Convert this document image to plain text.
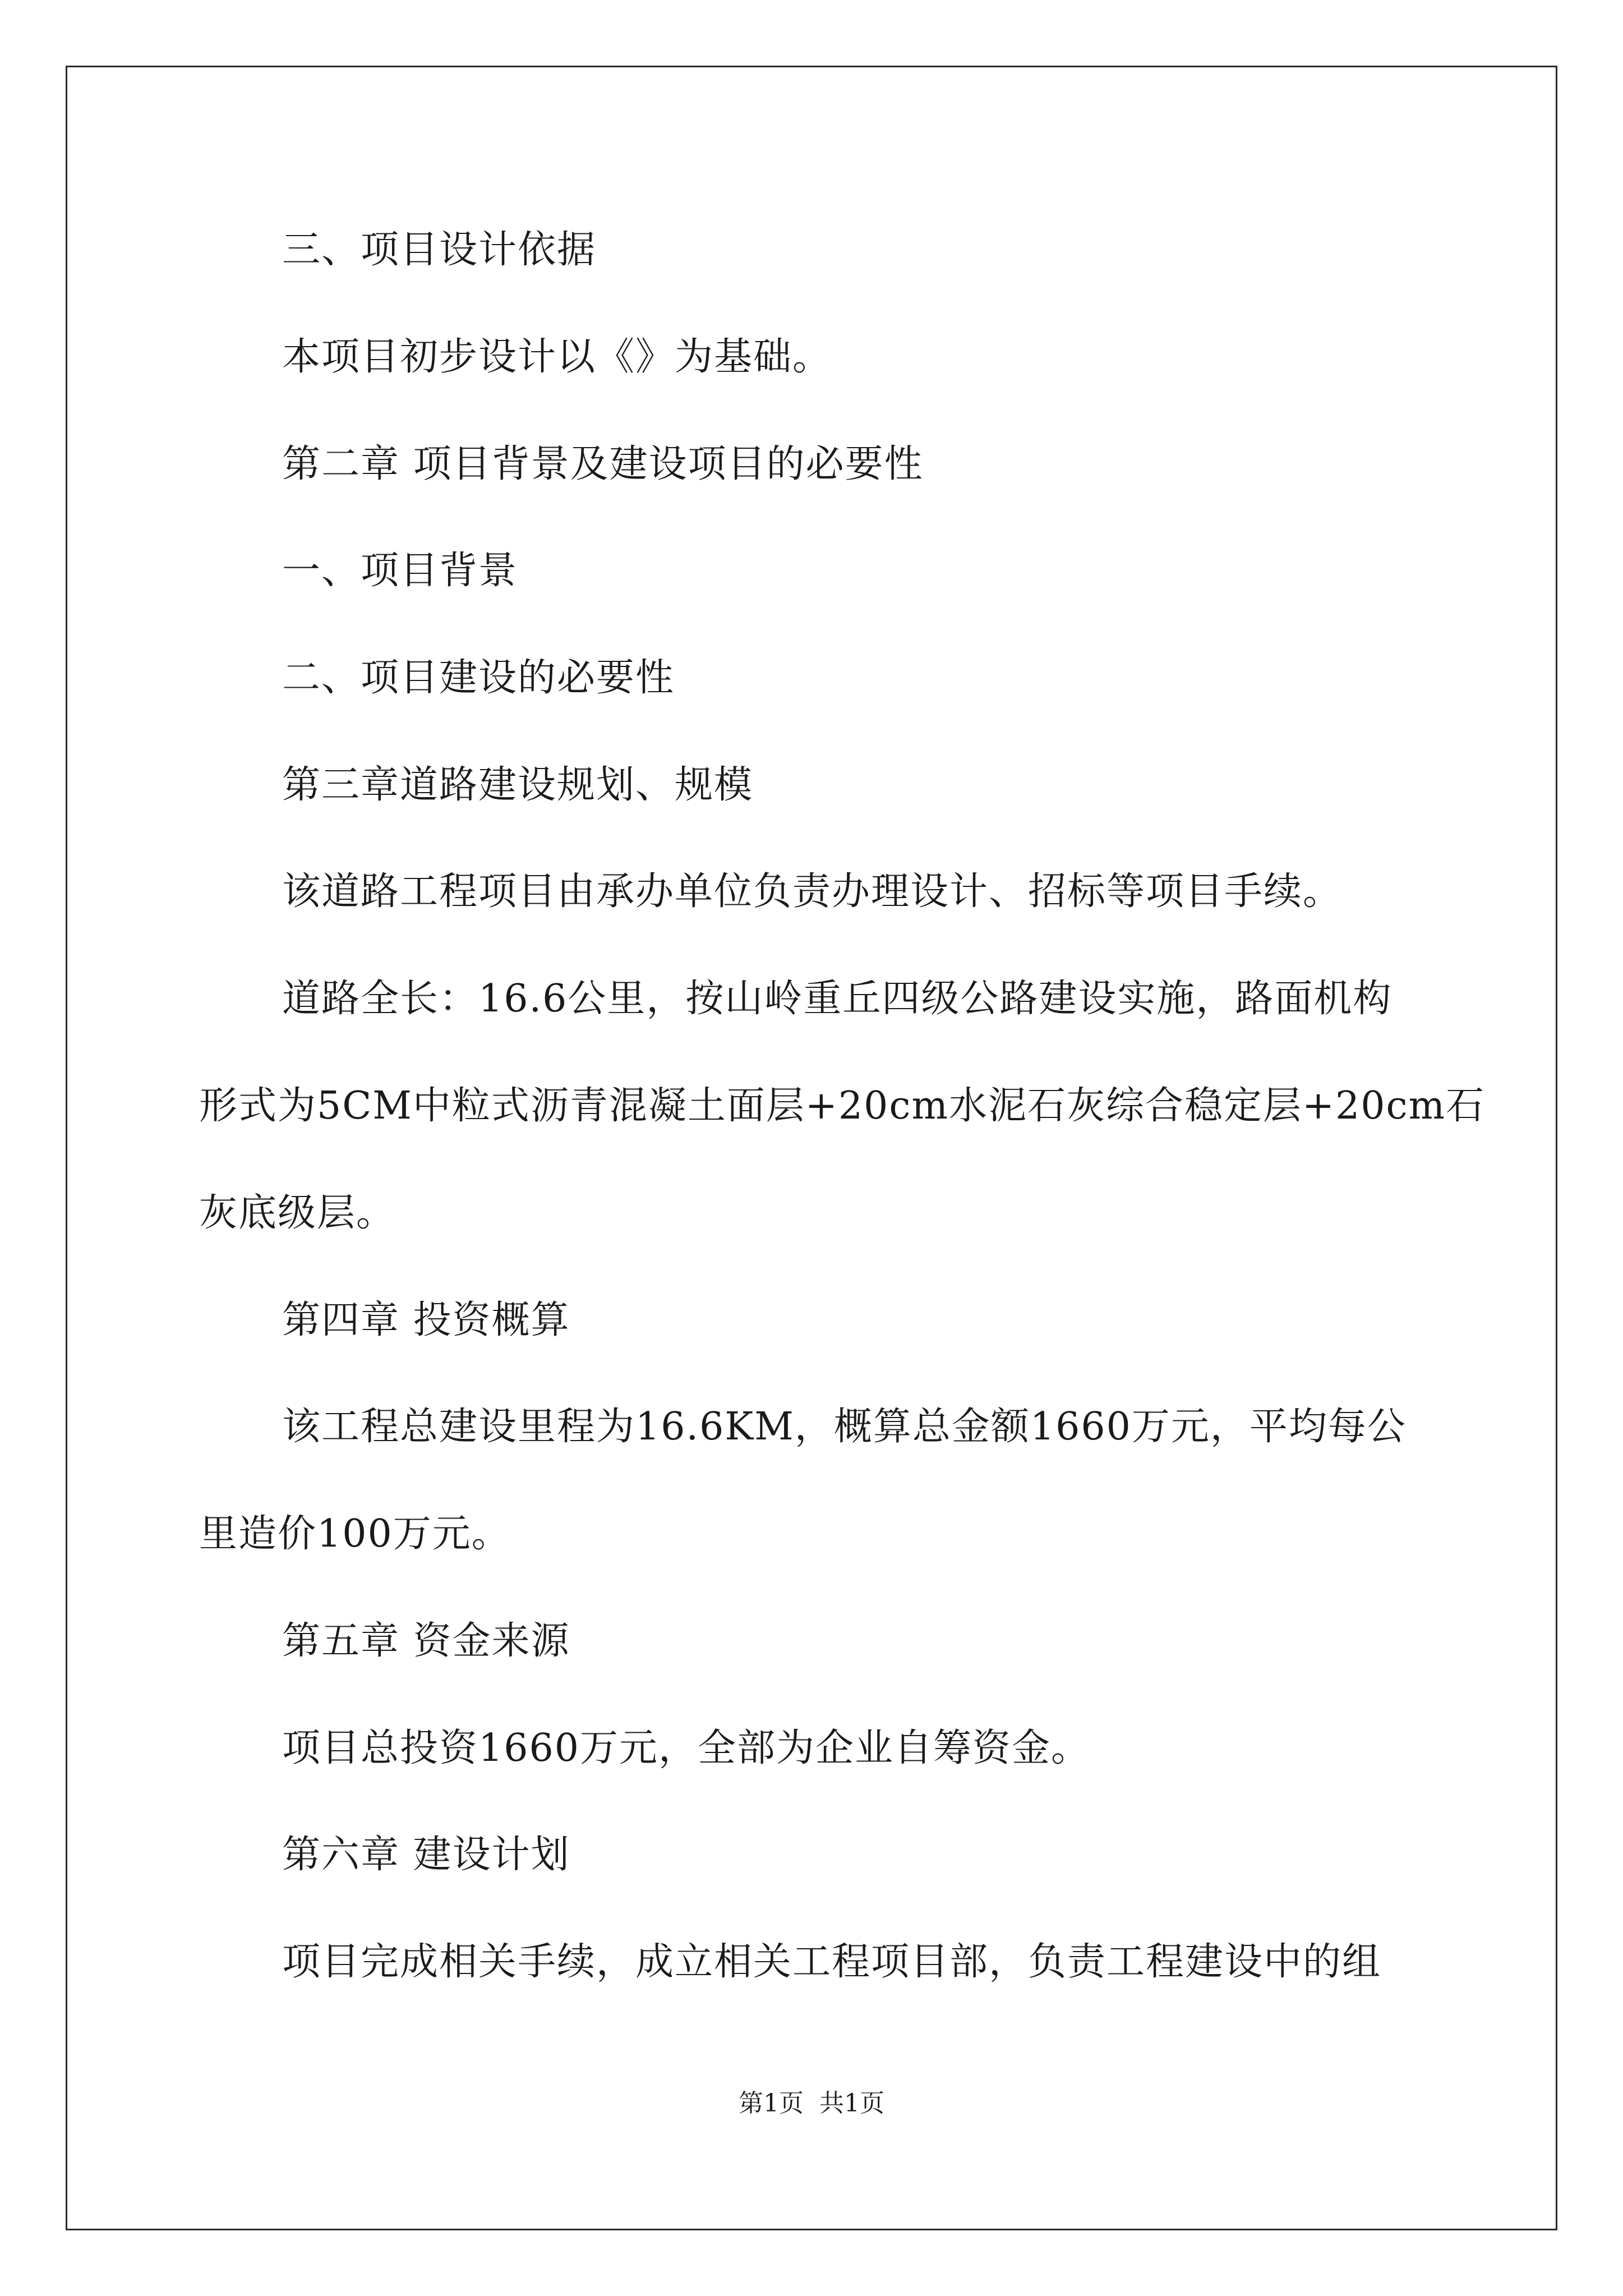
三、项目设计依据

本项目初步设计以《》为基础。

第二章 项目背景及建设项目的必要性

一、项目背景

二、项目建设的必要性

第三章道路建设规划、规模

该道路工程项目由承办单位负责办理设计、招标等项目手续。

道路全长：16.6公里，按山岭重丘四级公路建设实施，路面机构

形式为5CM中粒式沥青混凝土面层+20cm水泥石灰综合稳定层+20cm石

灰底级层。

第四章 投资概算

该工程总建设里程为16.6KM，概算总金额1660万元，平均每公

里造价100万元。

第五章 资金来源

项目总投资1660万元，全部为企业自筹资金。

第六章 建设计划

项目完成相关手续，成立相关工程项目部，负责工程建设中的组

第1页  共1页
